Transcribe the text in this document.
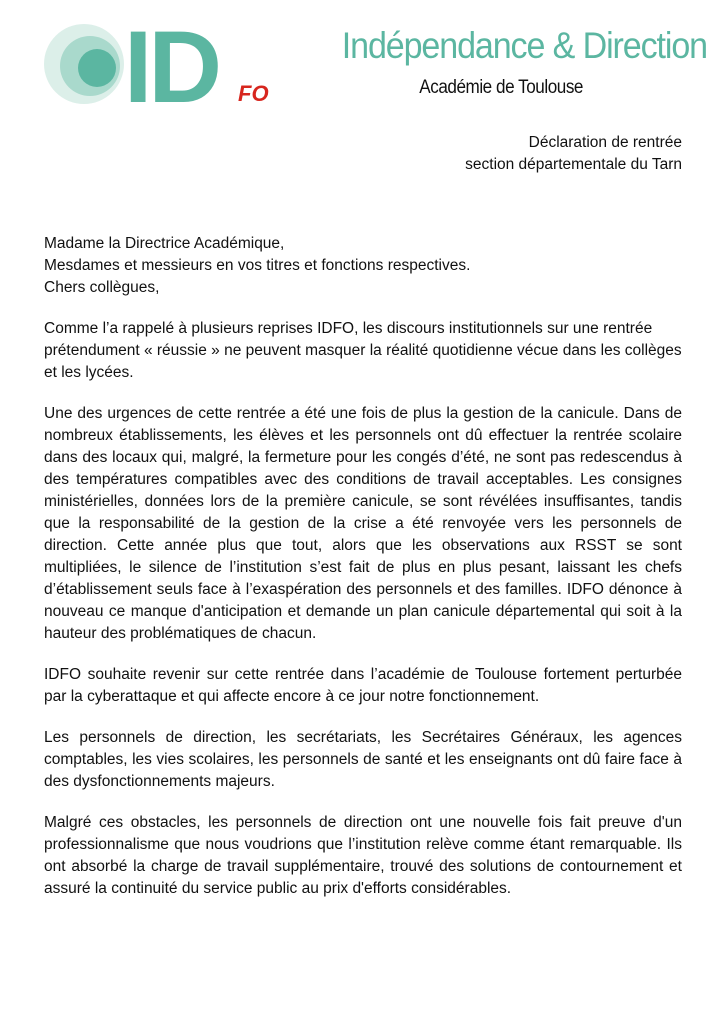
ID FO
Indépendance & Direction
Académie de Toulouse
Déclaration de rentrée
section départementale du Tarn

Madame la Directrice Académique,
Mesdames et messieurs en vos titres et fonctions respectives.
Chers collègues,

Comme l’a rappelé à plusieurs reprises IDFO, les discours institutionnels sur une rentrée prétendument « réussie » ne peuvent masquer la réalité quotidienne vécue dans les collèges et les lycées.

Une des urgences de cette rentrée a été une fois de plus la gestion de la canicule. Dans de nombreux établissements, les élèves et les personnels ont dû effectuer la rentrée scolaire dans des locaux qui, malgré, la fermeture pour les congés d’été, ne sont pas redescendus à des températures compatibles avec des conditions de travail acceptables. Les consignes ministérielles, données lors de la première canicule, se sont révélées insuffisantes, tandis que la responsabilité de la gestion de la crise a été renvoyée vers les personnels de direction. Cette année plus que tout, alors que les observations aux RSST se sont multipliées, le silence de l’institution s’est fait de plus en plus pesant, laissant les chefs d’établissement seuls face à l’exaspération des personnels et des familles. IDFO dénonce à nouveau ce manque d'anticipation et demande un plan canicule départemental qui soit à la hauteur des problématiques de chacun.

IDFO souhaite revenir sur cette rentrée dans l’académie de Toulouse fortement perturbée par la cyberattaque et qui affecte encore à ce jour notre fonctionnement.

Les personnels de direction, les secrétariats, les Secrétaires Généraux, les agences comptables, les vies scolaires, les personnels de santé et les enseignants ont dû faire face à des dysfonctionnements majeurs.

Malgré ces obstacles, les personnels de direction ont une nouvelle fois fait preuve d'un professionnalisme que nous voudrions que l’institution relève comme étant remarquable. Ils ont absorbé la charge de travail supplémentaire, trouvé des solutions de contournement et assuré la continuité du service public au prix d'efforts considérables.
